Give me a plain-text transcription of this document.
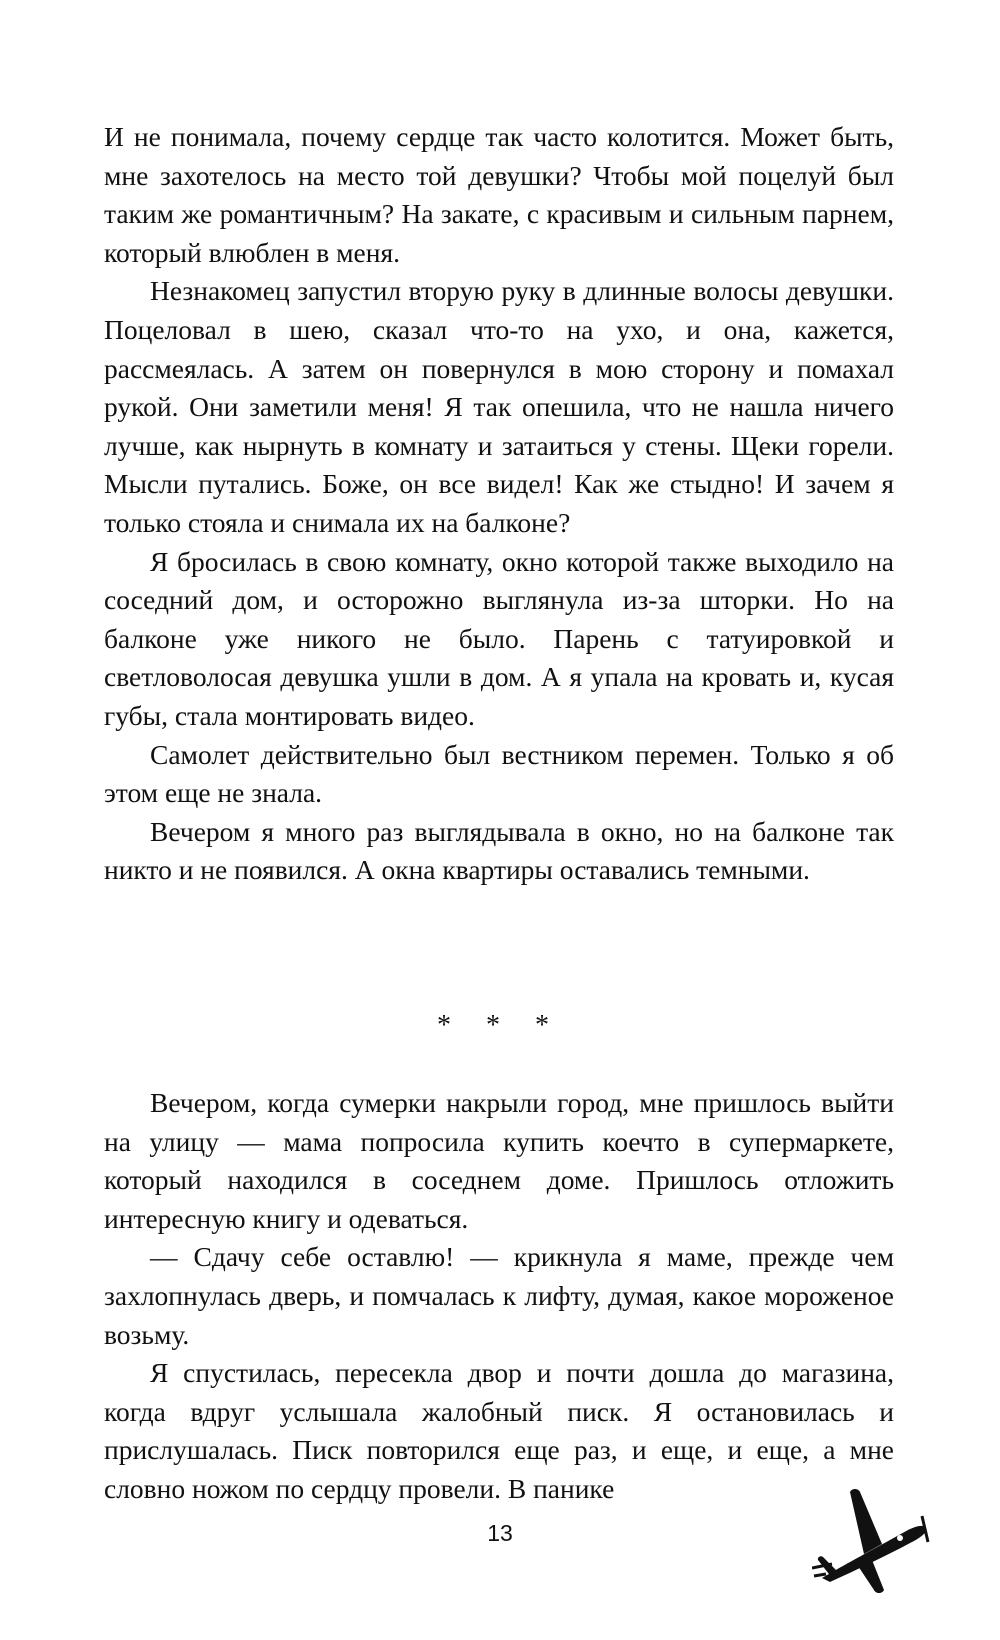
И не понимала, почему сердце так часто колотится. Может быть, мне захотелось на место той девушки? Чтобы мой поцелуй был таким же романтичным? На закате, с красивым и сильным парнем, который влюблен в меня.

Незнакомец запустил вторую руку в длинные волосы девушки. Поцеловал в шею, сказал что-то на ухо, и она, кажется, рассмеялась. А затем он повернулся в мою сторону и помахал рукой. Они заметили меня! Я так опешила, что не нашла ничего лучше, как нырнуть в комнату и затаиться у стены. Щеки горели. Мысли путались. Боже, он все видел! Как же стыдно! И зачем я только стояла и снимала их на балконе?

Я бросилась в свою комнату, окно которой также выходило на соседний дом, и осторожно выглянула из-за шторки. Но на балконе уже никого не было. Парень с татуировкой и светловолосая девушка ушли в дом. А я упала на кровать и, кусая губы, стала монтировать видео.

Самолет действительно был вестником перемен. Только я об этом еще не знала.

Вечером я много раз выглядывала в окно, но на балконе так никто и не появился. А окна квартиры оставались темными.

* * *

Вечером, когда сумерки накрыли город, мне пришлось выйти на улицу — мама попросила купить коечто в супермаркете, который находился в соседнем доме. Пришлось отложить интересную книгу и одеваться.

— Сдачу себе оставлю! — крикнула я маме, прежде чем захлопнулась дверь, и помчалась к лифту, думая, какое мороженое возьму.

Я спустилась, пересекла двор и почти дошла до магазина, когда вдруг услышала жалобный писк. Я остановилась и прислушалась. Писк повторился еще раз, и еще, и еще, а мне словно ножом по сердцу провели. В панике

13
